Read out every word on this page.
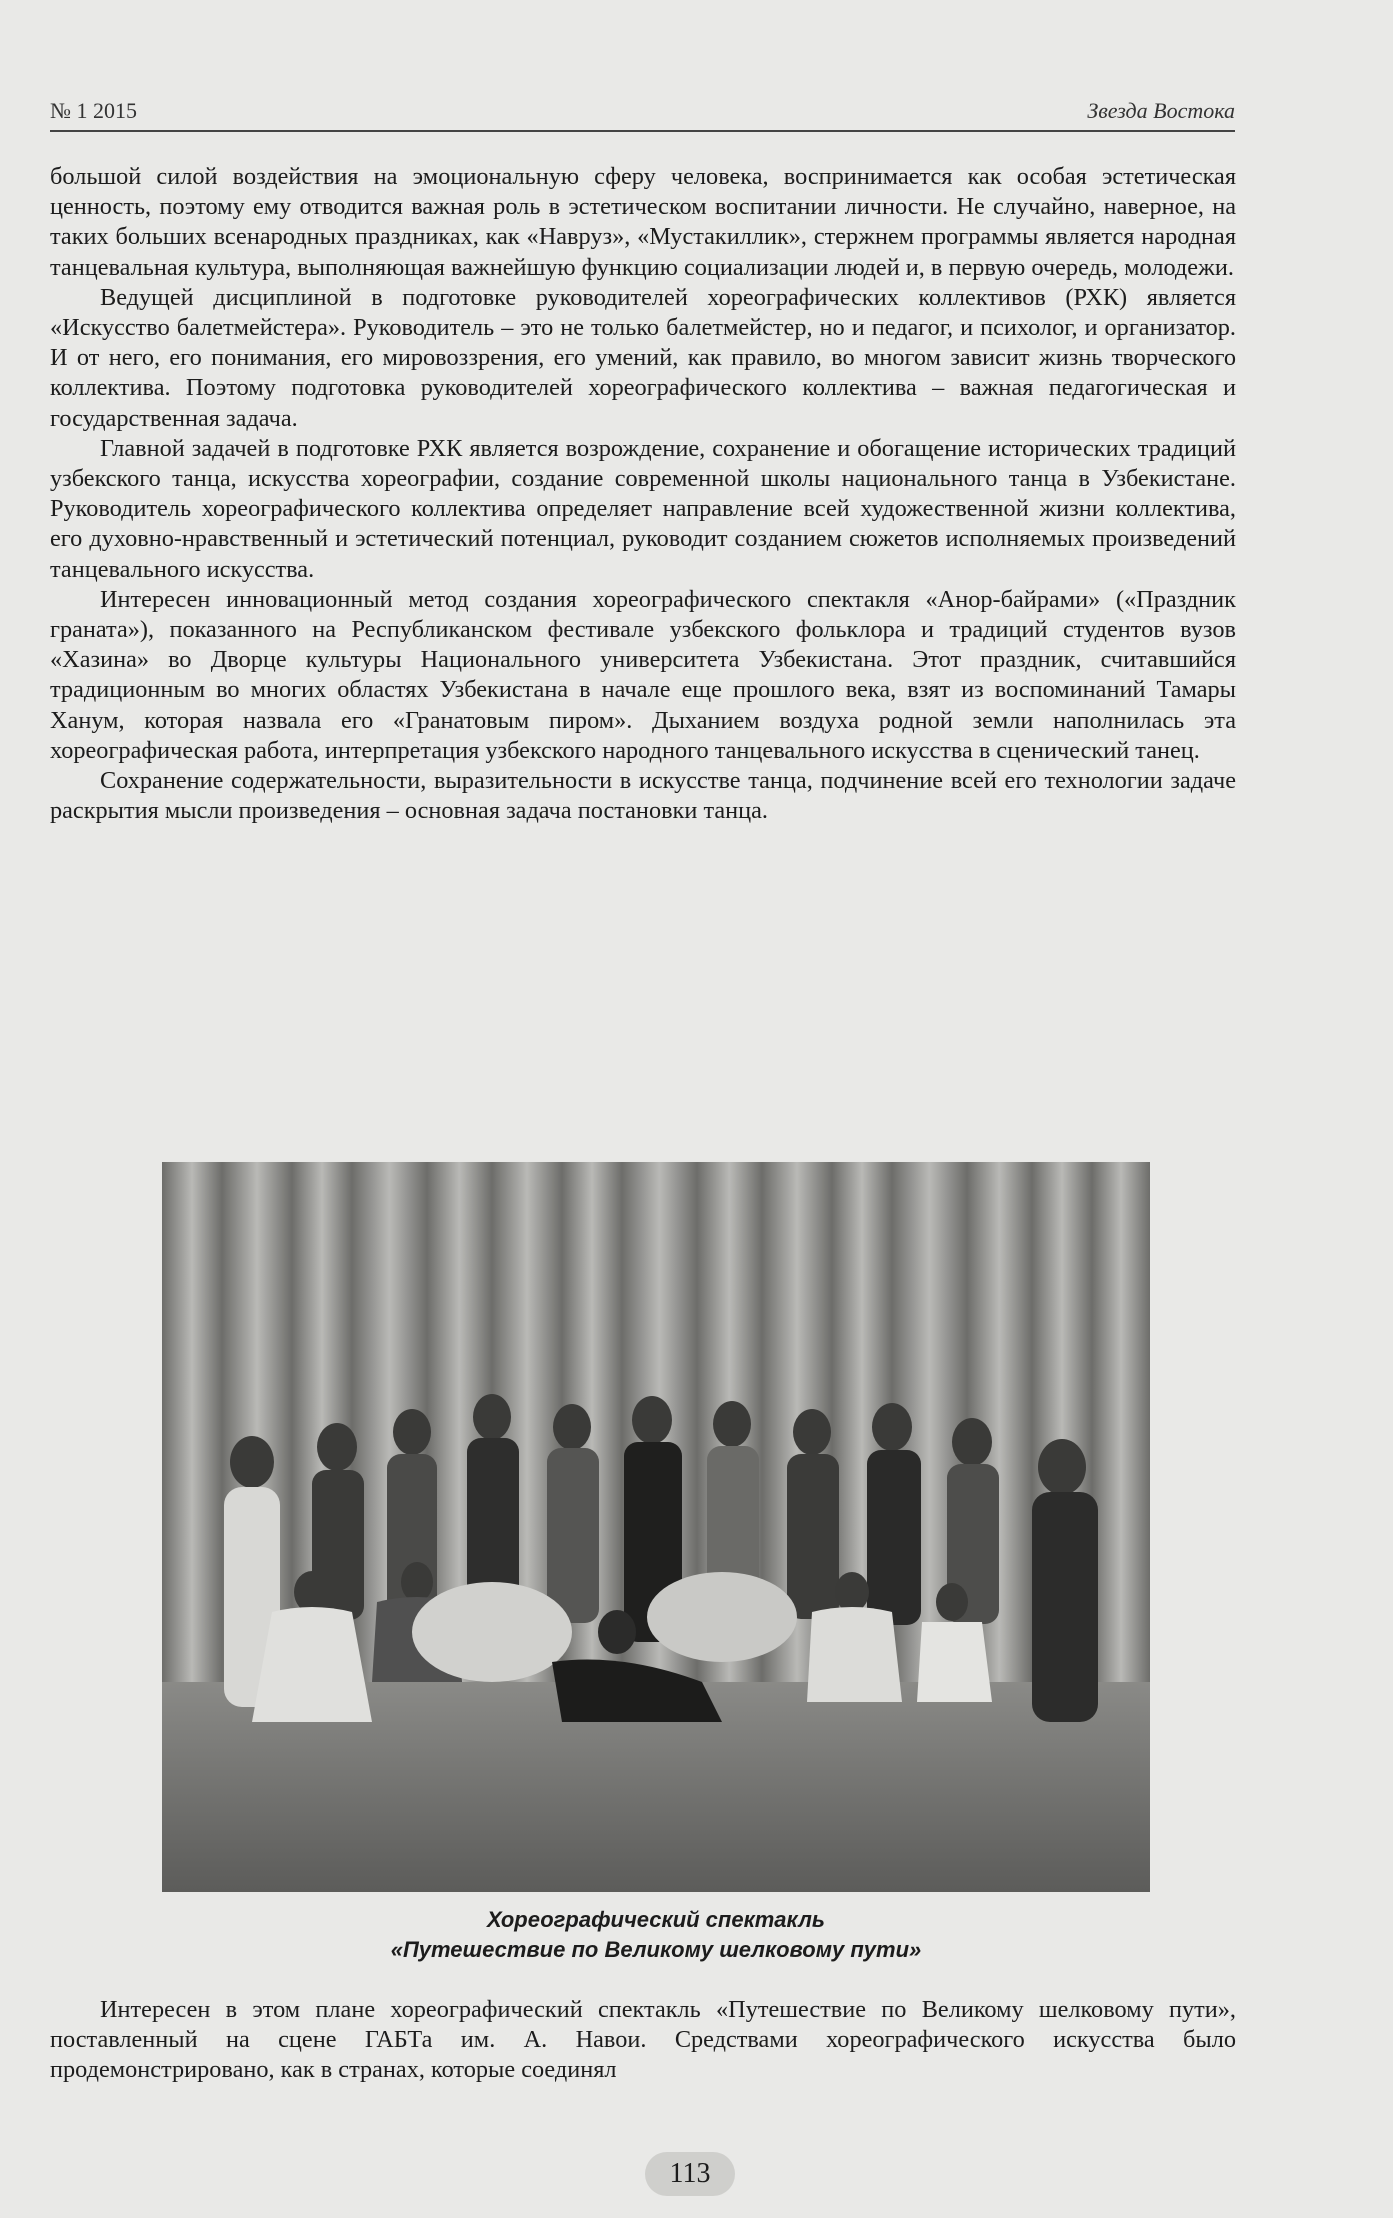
№ 1 2015	Звезда Востока

большой силой воздействия на эмоциональную сферу человека, воспринимается как особая эстетическая ценность, поэтому ему отводится важная роль в эстетическом воспитании личности. Не случайно, наверное, на таких больших всенародных праздниках, как «Навруз», «Мустакиллик», стержнем программы является народная танцевальная культура, выполняющая важнейшую функцию социализации людей и, в первую очередь, молодежи.

Ведущей дисциплиной в подготовке руководителей хореографических коллективов (РХК) является «Искусство балетмейстера». Руководитель – это не только балетмейстер, но и педагог, и психолог, и организатор. И от него, его понимания, его мировоззрения, его умений, как правило, во многом зависит жизнь творческого коллектива. Поэтому подготовка руководителей хореографического коллектива – важная педагогическая и государственная задача.

Главной задачей в подготовке РХК является возрождение, сохранение и обогащение исторических традиций узбекского танца, искусства хореографии, создание современной школы национального танца в Узбекистане. Руководитель хореографического коллектива определяет направление всей художественной жизни коллектива, его духовно-нравственный и эстетический потенциал, руководит созданием сюжетов исполняемых произведений танцевального искусства.

Интересен инновационный метод создания хореографического спектакля «Анор-байрами» («Праздник граната»), показанного на Республиканском фестивале узбекского фольклора и традиций студентов вузов «Хазина» во Дворце культуры Национального университета Узбекистана. Этот праздник, считавшийся традиционным во многих областях Узбекистана в начале еще прошлого века, взят из воспоминаний Тамары Ханум, которая назвала его «Гранатовым пиром». Дыханием воздуха родной земли наполнилась эта хореографическая работа, интерпретация узбекского народного танцевального искусства в сценический танец.

Сохранение содержательности, выразительности в искусстве танца, подчинение всей его технологии задаче раскрытия мысли произведения – основная задача постановки танца.

Хореографический спектакль
«Путешествие по Великому шелковому пути»

Интересен в этом плане хореографический спектакль «Путешествие по Великому шелковому пути», поставленный на сцене ГАБТа им. А. Навои. Средствами хореографического искусства было продемонстрировано, как в странах, которые соединял

113
